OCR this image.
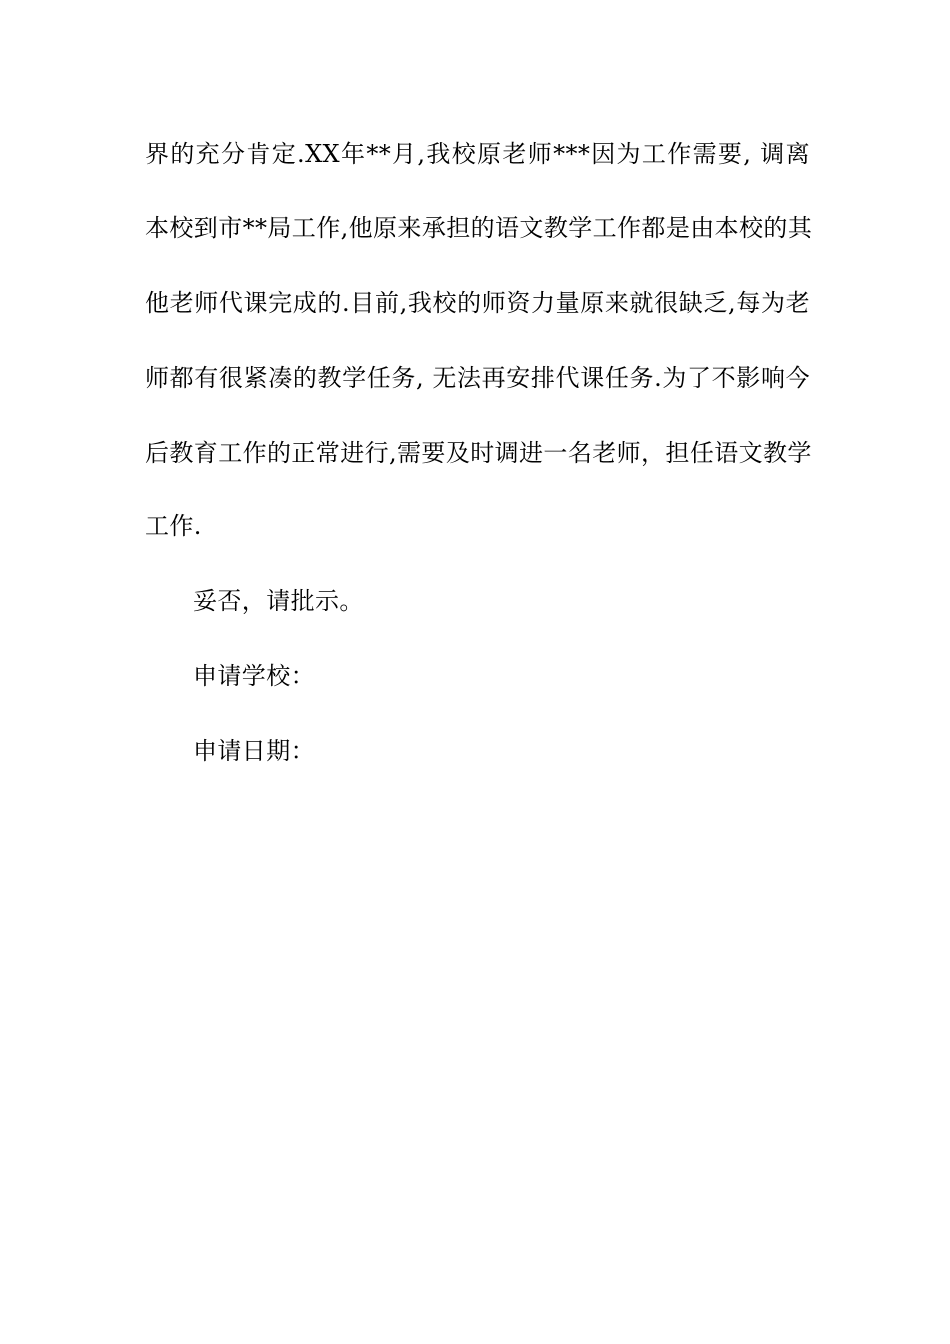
界的充分肯定.XX年**月,我校原老师***因为工作需要, 调离
本校到市**局工作,他原来承担的语文教学工作都是由本校的其
他老师代课完成的.目前,我校的师资力量原来就很缺乏,每为老
师都有很紧凑的教学任务, 无法再安排代课任务.为了不影响今
后教育工作的正常进行,需要及时调进一名老师，担任语文教学
工作.
妥否，请批示。
申请学校：
申请日期：
